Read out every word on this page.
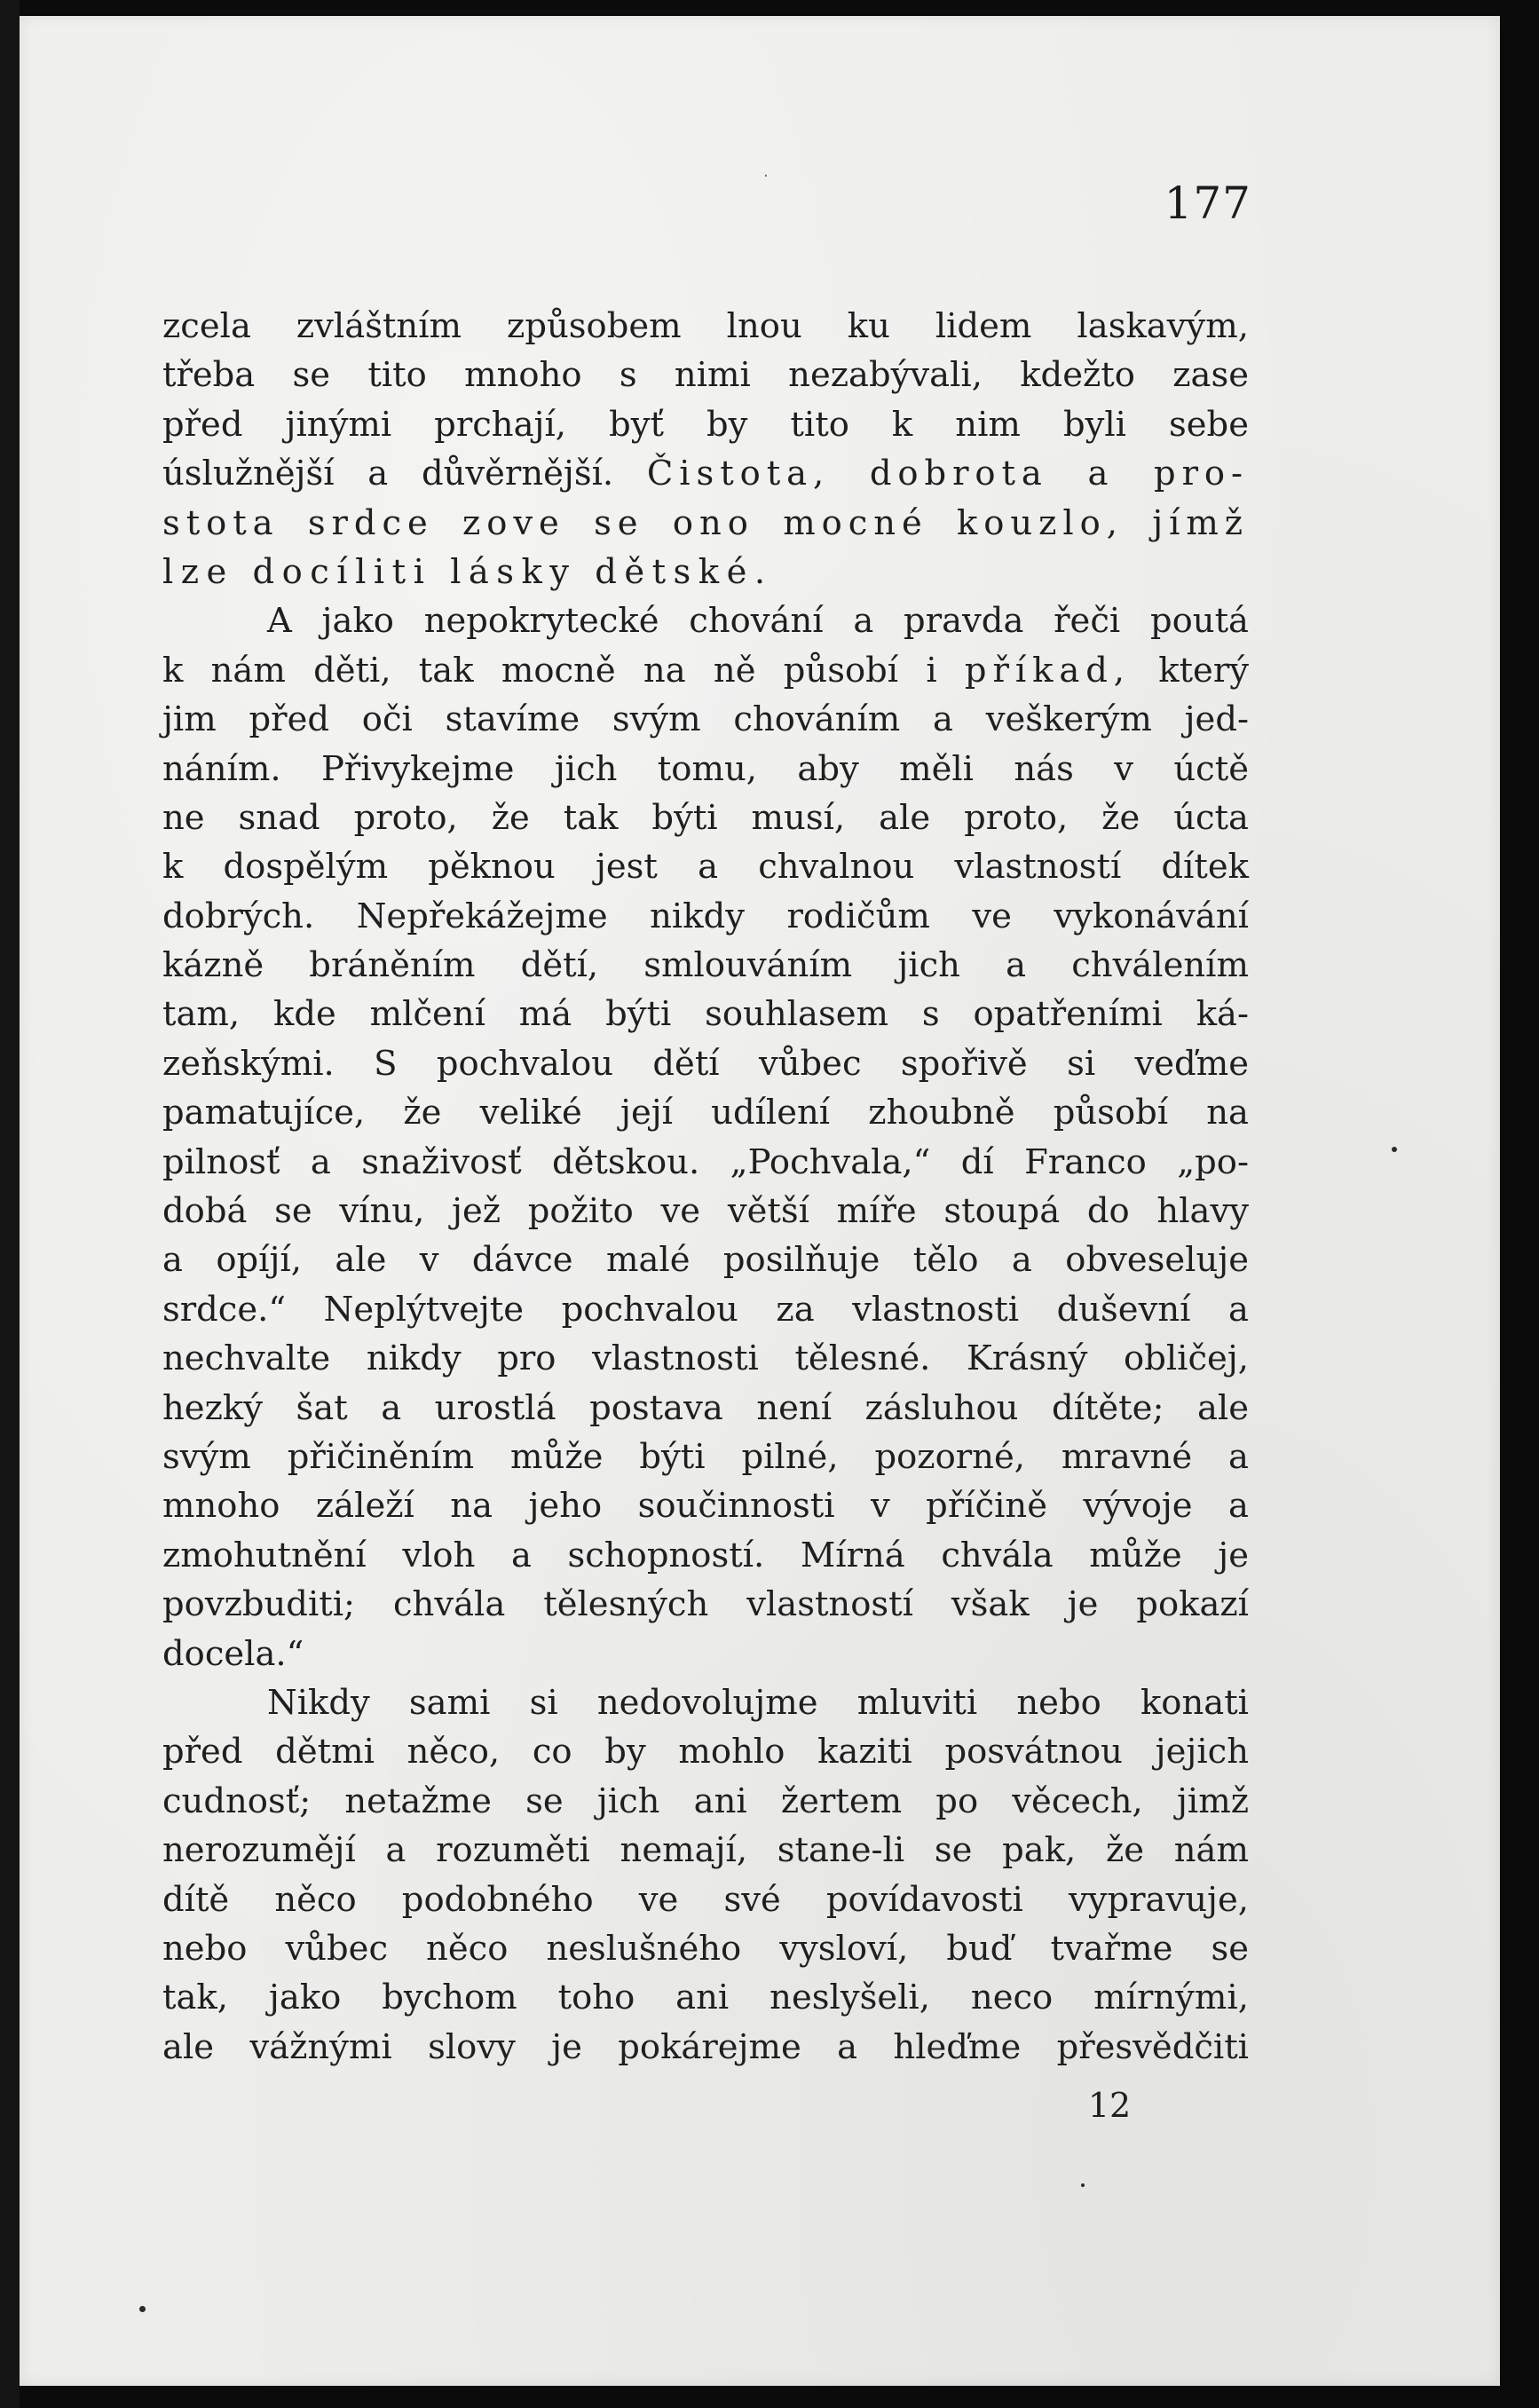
⋅
177
zcela zvláštním způsobem lnou ku lidem laskavým,
třeba se tito mnoho s nimi nezabývali, kdežto zase
před jinými prchají, byť by tito k nim byli sebe
úslužnější a důvěrnější. Čistota, dobrota a pro-
stota srdce zove se ono mocné kouzlo, jímž
lze docíliti lásky dětské.
A jako nepokrytecké chování a pravda řeči poutá
k nám děti, tak mocně na ně působí i příkad, který
jim před oči stavíme svým chováním a veškerým jed-
náním. Přivykejme jich tomu, aby měli nás v úctě
ne snad proto, že tak býti musí, ale proto, že úcta
k dospělým pěknou jest a chvalnou vlastností dítek
dobrých. Nepřekážejme nikdy rodičům ve vykonávání
kázně bráněním dětí, smlouváním jich a chválením
tam, kde mlčení má býti souhlasem s opatřeními ká-
zeňskými. S pochvalou dětí vůbec spořivě si veďme
pamatujíce, že veliké její udílení zhoubně působí na
pilnosť a snaživosť dětskou. „Pochvala,“ dí Franco „po-
dobá se vínu, jež požito ve větší míře stoupá do hlavy
a opíjí, ale v dávce malé posilňuje tělo a obveseluje
srdce.“ Neplýtvejte pochvalou za vlastnosti duševní a
nechvalte nikdy pro vlastnosti tělesné. Krásný obličej,
hezký šat a urostlá postava není zásluhou dítěte; ale
svým přičiněním může býti pilné, pozorné, mravné a
mnoho záleží na jeho součinnosti v příčině vývoje a
zmohutnění vloh a schopností. Mírná chvála může je
povzbuditi; chvála tělesných vlastností však je pokazí
docela.“
Nikdy sami si nedovolujme mluviti nebo konati
před dětmi něco, co by mohlo kaziti posvátnou jejich
cudnosť; netažme se jich ani žertem po věcech, jimž
nerozumějí a rozuměti nemají, stane-li se pak, že nám
dítě něco podobného ve své povídavosti vypravuje,
nebo vůbec něco neslušného vysloví, buď tvařme se
tak, jako bychom toho ani neslyšeli, neco mírnými,
ale vážnými slovy je pokárejme a hleďme přesvědčiti
12
